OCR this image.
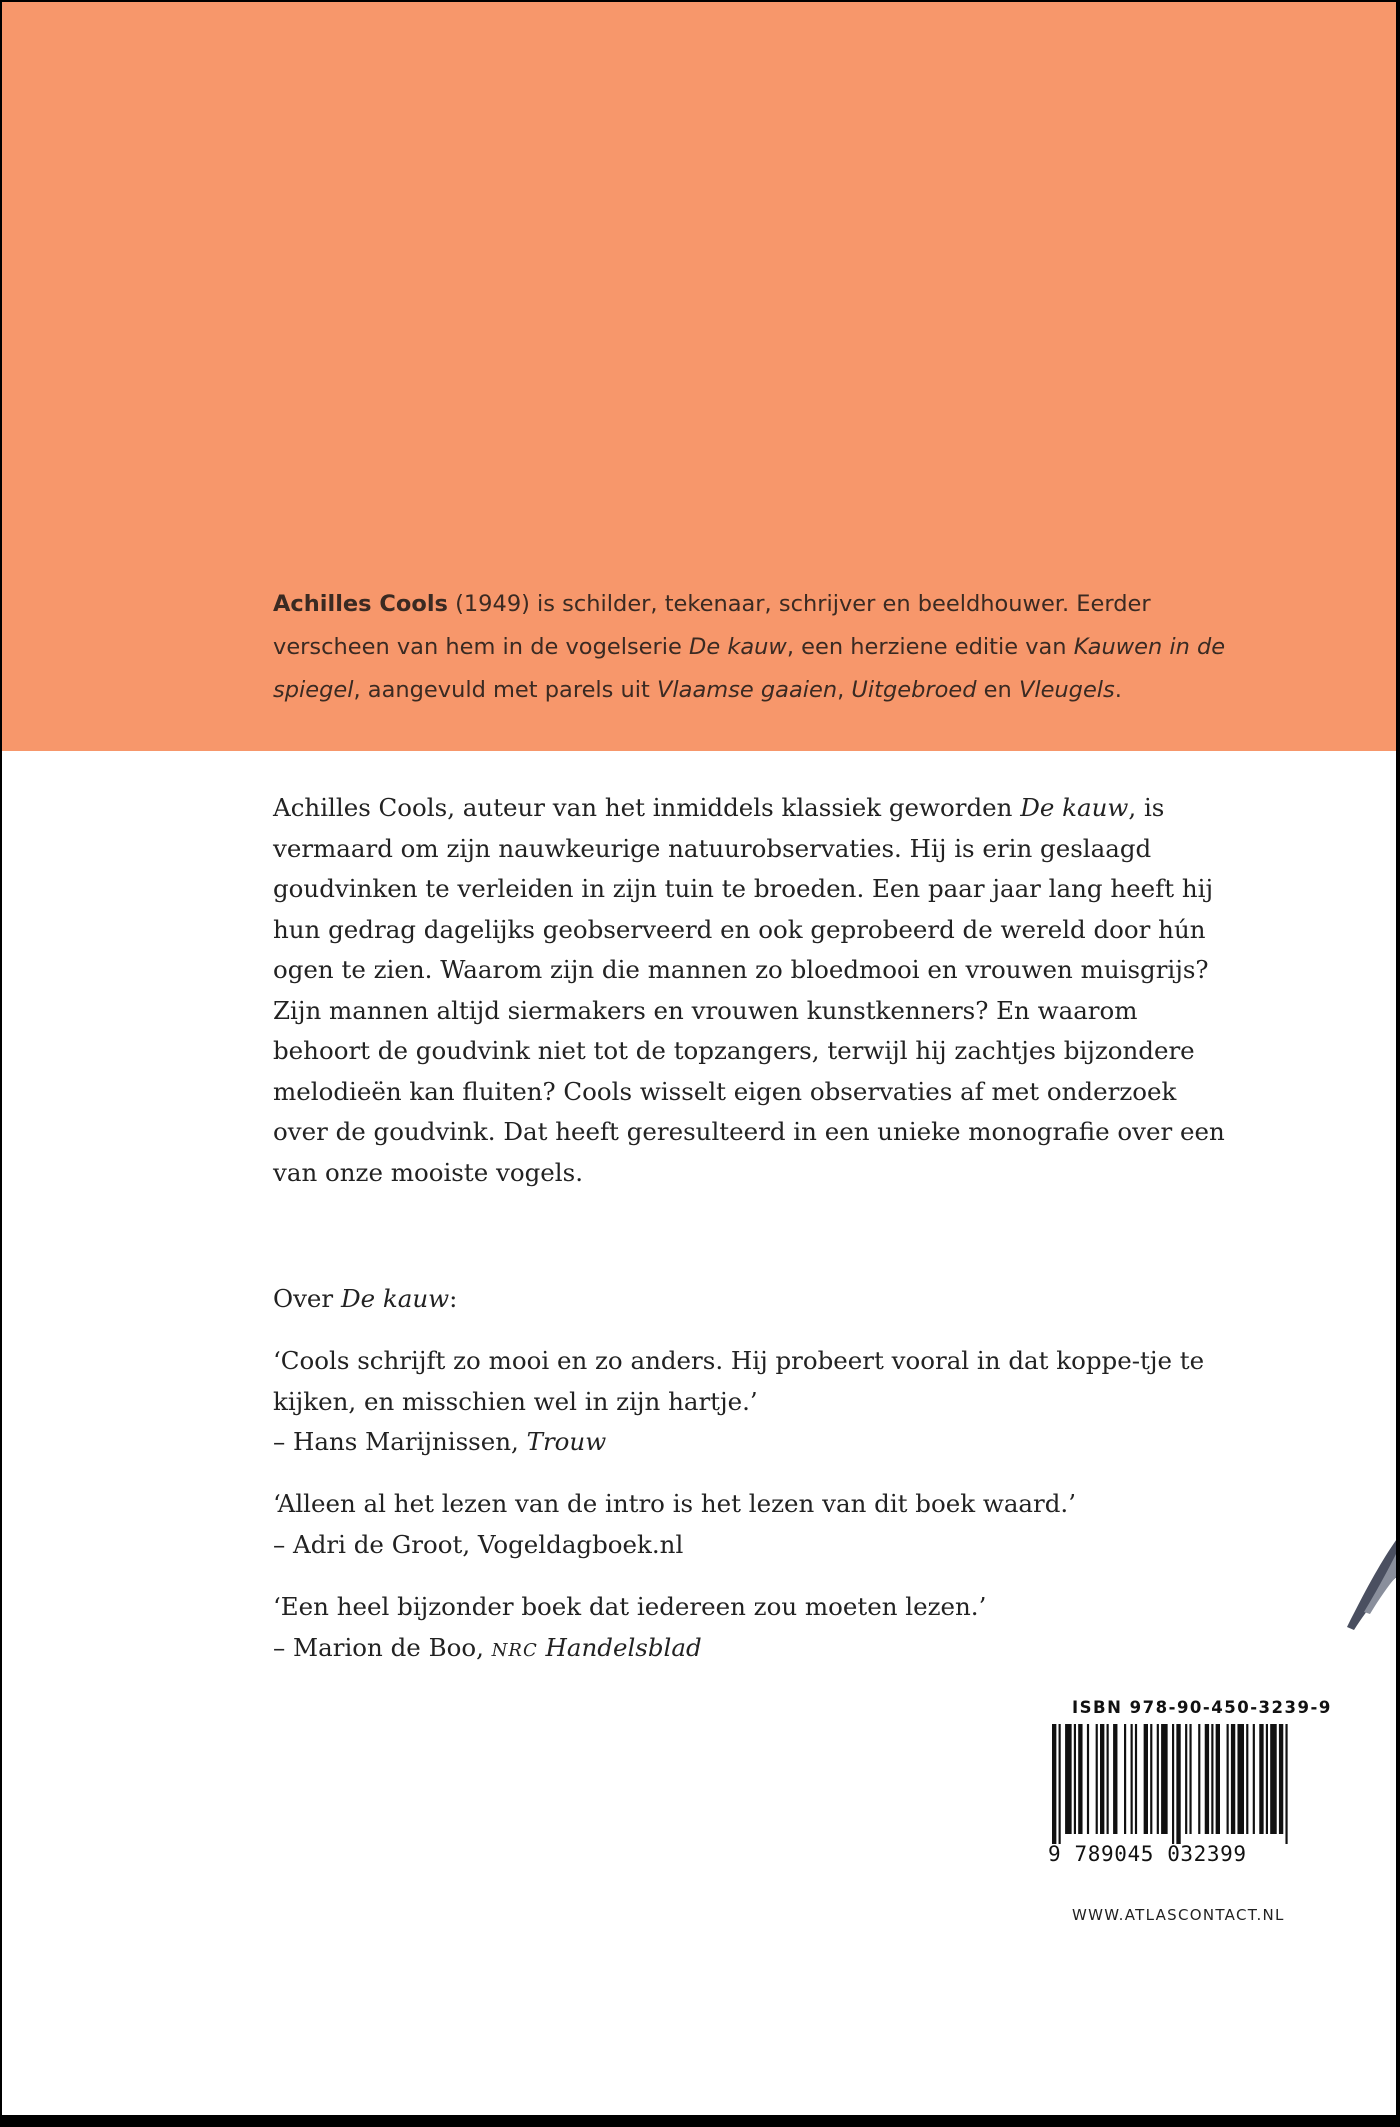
Achilles Cools (1949) is schilder, tekenaar, schrijver en beeldhouwer. Eerder verscheen van hem in de vogelserie De kauw, een herziene editie van Kauwen in de spiegel, aangevuld met parels uit Vlaamse gaaien, Uitgebroed en Vleugels.

Achilles Cools, auteur van het inmiddels klassiek geworden De kauw, is vermaard om zijn nauwkeurige natuurobservaties. Hij is erin geslaagd goudvinken te verleiden in zijn tuin te broeden. Een paar jaar lang heeft hij hun gedrag dagelijks geobserveerd en ook geprobeerd de wereld door hún ogen te zien. Waarom zijn die mannen zo bloedmooi en vrouwen muisgrijs? Zijn mannen altijd siermakers en vrouwen kunstkenners? En waarom behoort de goudvink niet tot de topzangers, terwijl hij zachtjes bijzondere melodieën kan fluiten? Cools wisselt eigen observaties af met onderzoek over de goudvink. Dat heeft geresulteerd in een unieke monografie over een van onze mooiste vogels.

Over De kauw:

‘Cools schrijft zo mooi en zo anders. Hij probeert vooral in dat koppe-tje te kijken, en misschien wel in zijn hartje.’
– Hans Marijnissen, Trouw

‘Alleen al het lezen van de intro is het lezen van dit boek waard.’
– Adri de Groot, Vogeldagboek.nl

‘Een heel bijzonder boek dat iedereen zou moeten lezen.’
– Marion de Boo, NRC Handelsblad

ISBN 978-90-450-3239-9
9 789045 032399
WWW.ATLASCONTACT.NL
